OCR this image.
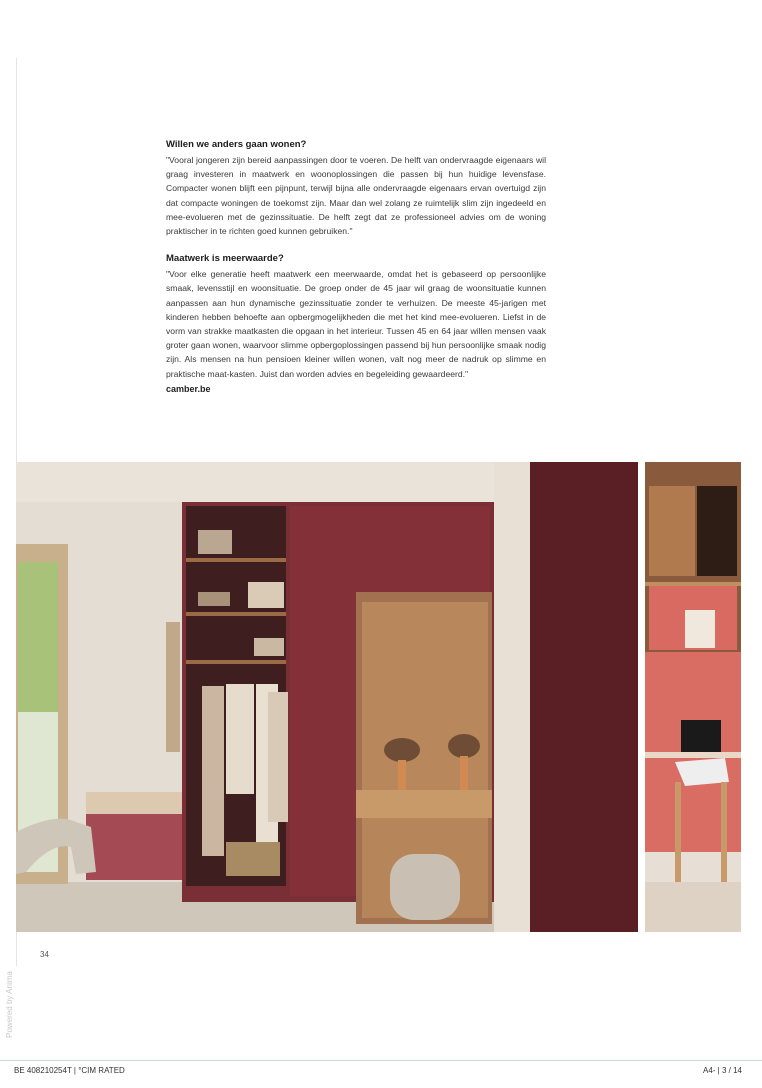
Willen we anders gaan wonen?

"Vooral jongeren zijn bereid aanpassingen door te voeren. De helft van ondervraagde eigenaars wil graag investeren in maatwerk en woonoplossingen die passen bij hun huidige levensfase. Compacter wonen blijft een pijnpunt, terwijl bijna alle ondervraagde eigenaars ervan overtuigd zijn dat compacte woningen de toekomst zijn. Maar dan wel zolang ze ruimtelijk slim zijn ingedeeld en mee-evolueren met de gezinssituatie. De helft zegt dat ze professioneel advies om de woning praktischer in te richten goed kunnen gebruiken."

Maatwerk is meerwaarde?

"Voor elke generatie heeft maatwerk een meerwaarde, omdat het is gebaseerd op persoonlijke smaak, levensstijl en woonsituatie. De groep onder de 45 jaar wil graag de woonsituatie kunnen aanpassen aan hun dynamische gezinssituatie zonder te verhuizen. De meeste 45-jarigen met kinderen hebben behoefte aan opbergmogelijkheden die met het kind mee-evolueren. Liefst in de vorm van strakke maatkasten die opgaan in het interieur. Tussen 45 en 64 jaar willen mensen vaak groter gaan wonen, waarvoor slimme opbergoplossingen passend bij hun persoonlijke smaak nodig zijn. Als mensen na hun pensioen kleiner willen wonen, valt nog meer de nadruk op slimme en praktische maat-kasten. Juist dan worden advies en begeleiding gewaardeerd."

camber.be

34
Powered by Anima
BE 408210254T | °CIM RATED	A4- | 3 / 14
